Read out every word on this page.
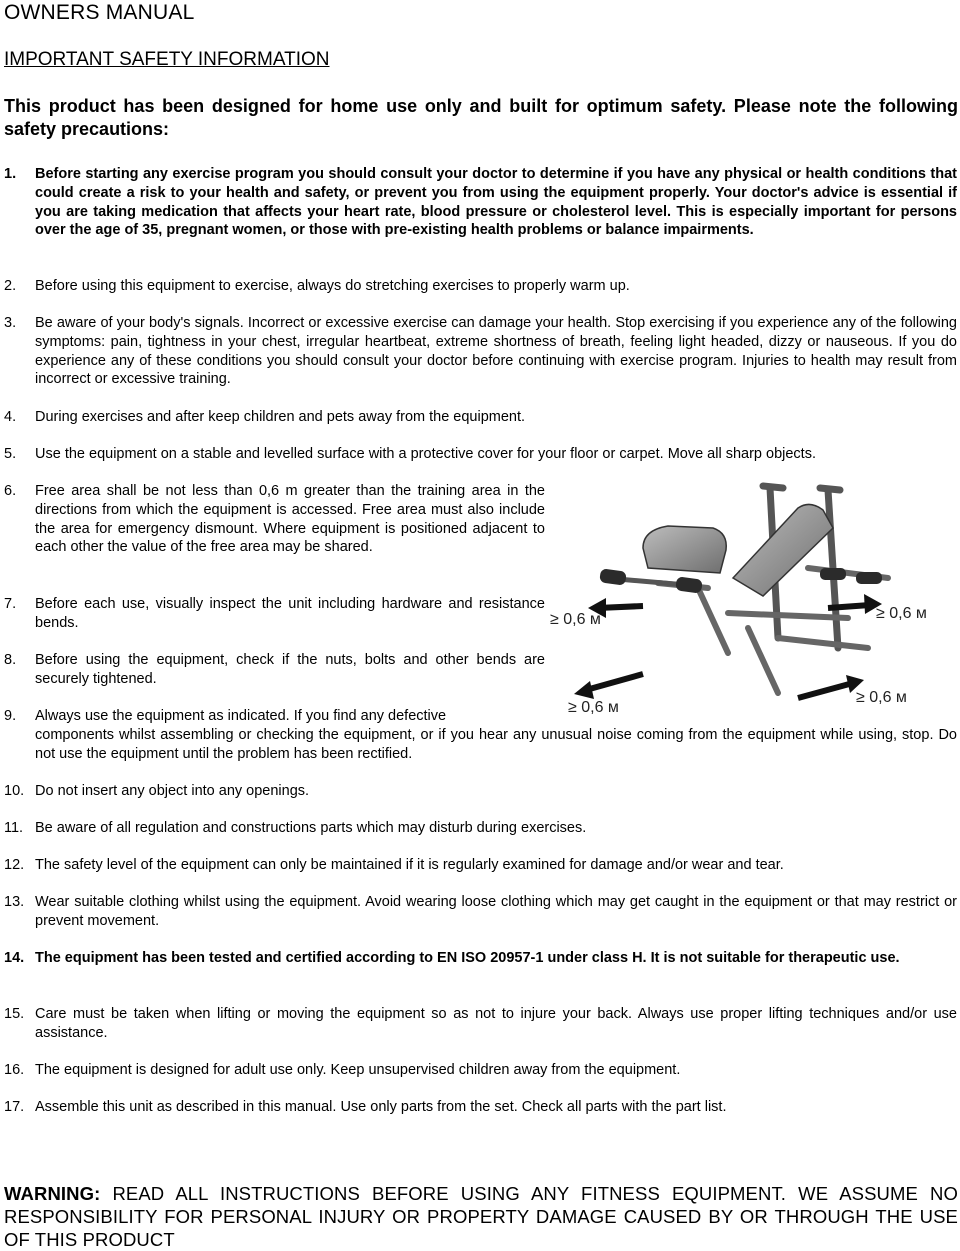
OWNERS MANUAL
IMPORTANT SAFETY INFORMATION
This product has been designed for home use only and built for optimum safety. Please note the following safety precautions:
1. Before starting any exercise program you should consult your doctor to determine if you have any physical or health conditions that could create a risk to your health and safety, or prevent you from using the equipment properly. Your doctor's advice is essential if you are taking medication that affects your heart rate, blood pressure or cholesterol level. This is especially important for persons over the age of 35, pregnant women, or those with pre-existing health problems or balance impairments.
2. Before using this equipment to exercise, always do stretching exercises to properly warm up.
3. Be aware of your body's signals. Incorrect or excessive exercise can damage your health. Stop exercising if you experience any of the following symptoms: pain, tightness in your chest, irregular heartbeat, extreme shortness of breath, feeling light headed, dizzy or nauseous. If you do experience any of these conditions you should consult your doctor before continuing with exercise program. Injuries to health may result from incorrect or excessive training.
4. During exercises and after keep children and pets away from the equipment.
5. Use the equipment on a stable and levelled surface with a protective cover for your floor or carpet. Move all sharp objects.
6. Free area shall be not less than 0,6 m greater than the training area in the directions from which the equipment is accessed. Free area must also include the area for emergency dismount. Where equipment is positioned adjacent to each other the value of the free area may be shared.
7. Before each use, visually inspect the unit including hardware and resistance bends.
8. Before using the equipment, check if the nuts, bolts and other bends are securely tightened.
9. Always use the equipment as indicated. If you find any defective
components whilst assembling or checking the equipment, or if you hear any unusual noise coming from the equipment while using, stop. Do not use the equipment until the problem has been rectified.
10. Do not insert any object into any openings.
11. Be aware of all regulation and constructions parts which may disturb during exercises.
12. The safety level of the equipment can only be maintained if it is regularly examined for damage and/or wear and tear.
13. Wear suitable clothing whilst using the equipment. Avoid wearing loose clothing which may get caught in the equipment or that may restrict or prevent movement.
14. The equipment has been tested and certified according to EN ISO 20957-1 under class H. It is not suitable for therapeutic use.
15. Care must be taken when lifting or moving the equipment so as not to injure your back. Always use proper lifting techniques and/or use assistance.
16. The equipment is designed for adult use only. Keep unsupervised children away from the equipment.
17. Assemble this unit as described in this manual. Use only parts from the set. Check all parts with the part list.
≥ 0,6 м	≥ 0,6 м
≥ 0,6 м
≥ 0,6 м
WARNING: READ ALL INSTRUCTIONS BEFORE USING ANY FITNESS EQUIPMENT. WE ASSUME NO RESPONSIBILITY FOR PERSONAL INJURY OR PROPERTY DAMAGE CAUSED BY OR THROUGH THE USE OF THIS PRODUCT
